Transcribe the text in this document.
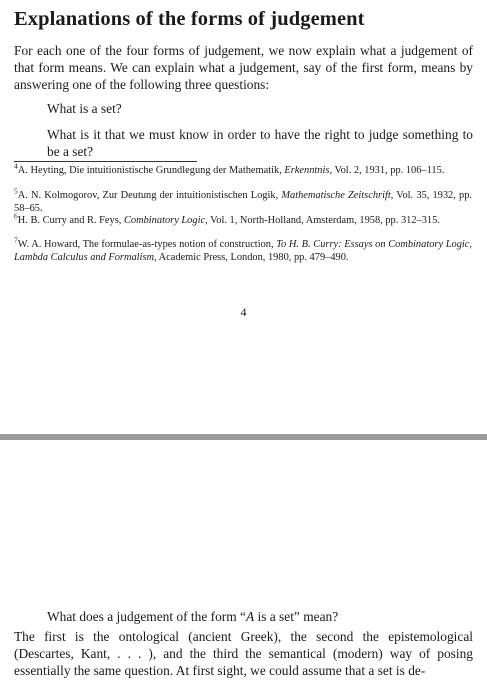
Explanations of the forms of judgement
For each one of the four forms of judgement, we now explain what a judgement of that form means. We can explain what a judgement, say of the first form, means by answering one of the following three questions:
What is a set?
What is it that we must know in order to have the right to judge something to be a set?
$^4$A. Heyting, Die intuitionistische Grundlegung der Mathematik, Erkenntnis, Vol. 2, 1931, pp. 106–115.
$^5$A. N. Kolmogorov, Zur Deutung der intuitionistischen Logik, Mathematische Zeitschrift, Vol. 35, 1932, pp. 58–65.
$^6$H. B. Curry and R. Feys, Combinatory Logic, Vol. 1, North-Holland, Amsterdam, 1958, pp. 312–315.
$^7$W. A. Howard, The formulae-as-types notion of construction, To H. B. Curry: Essays on Combinatory Logic, Lambda Calculus and Formalism, Academic Press, London, 1980, pp. 479–490.
4
What does a judgement of the form “A is a set” mean?
The first is the ontological (ancient Greek), the second the epistemological (Descartes, Kant, . . . ), and the third the semantical (modern) way of posing essentially the same question. At first sight, we could assume that a set is de-
